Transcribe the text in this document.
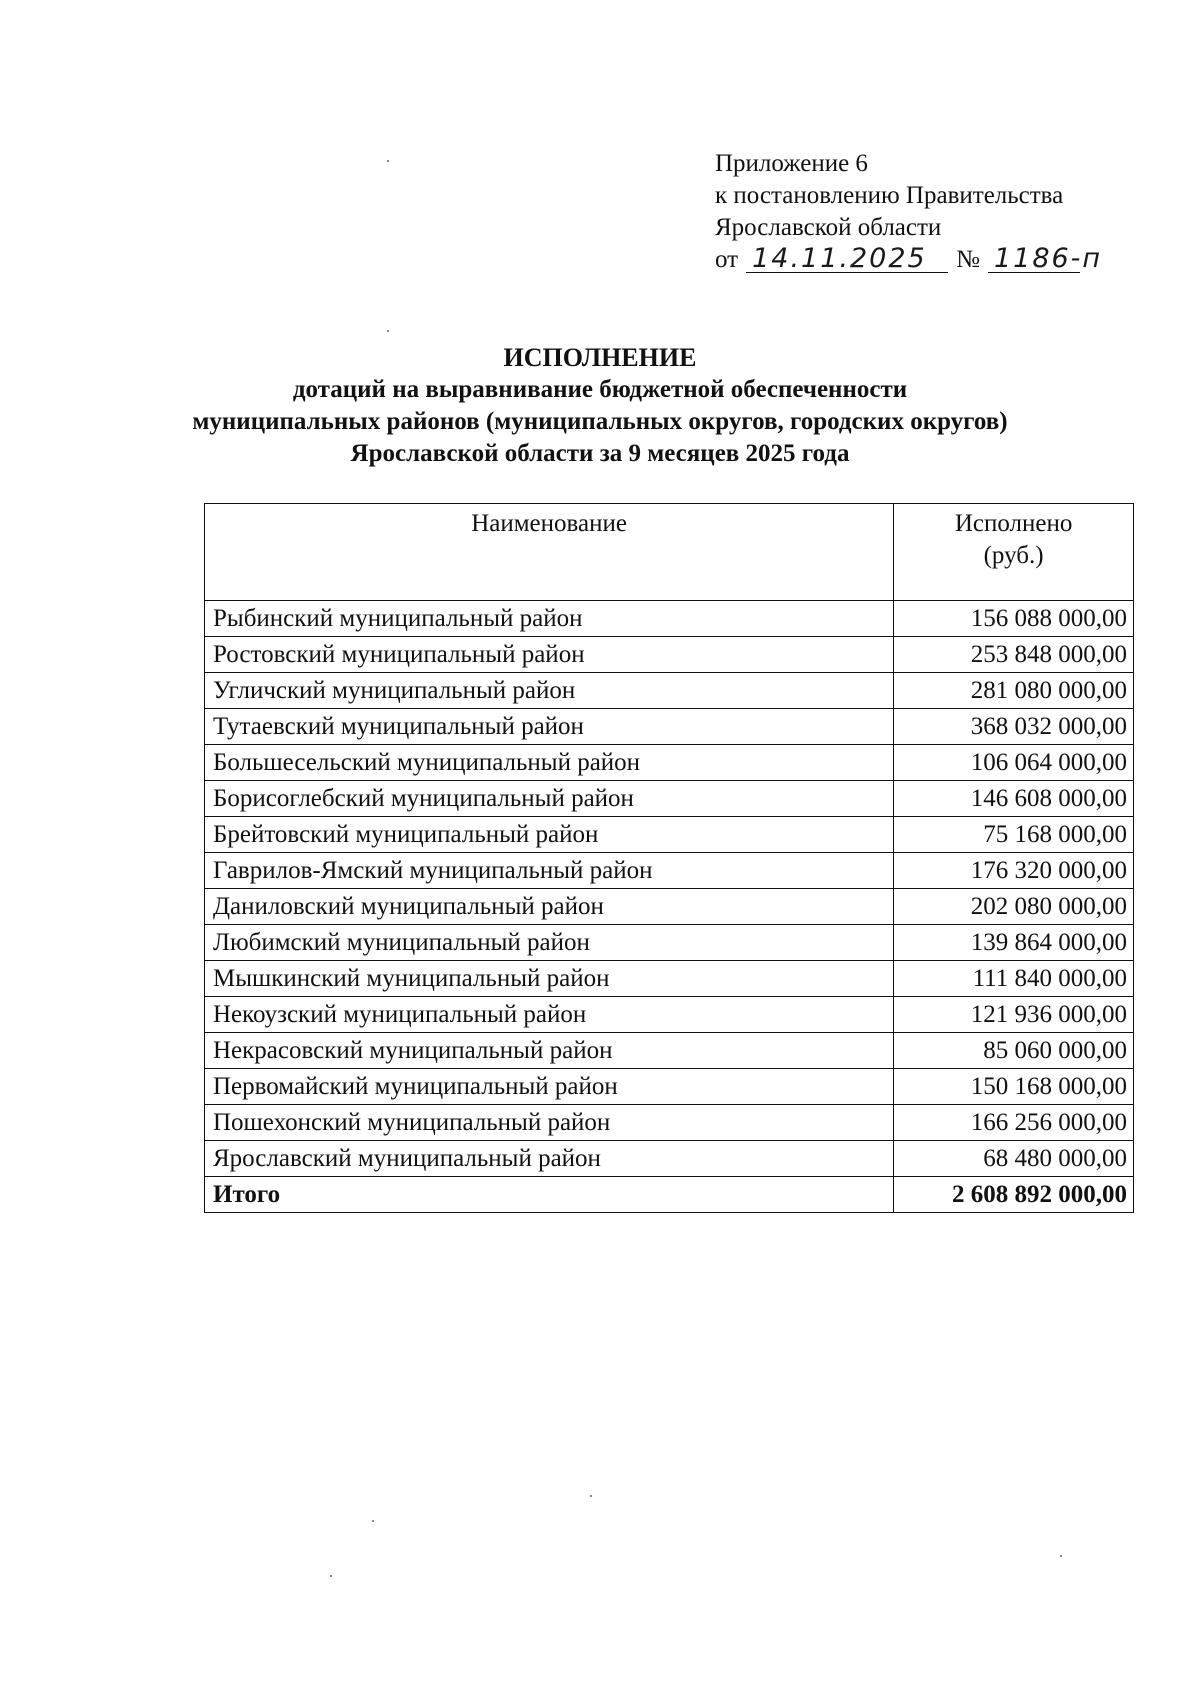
Приложение 6
к постановлению Правительства
Ярославской области
от 14.11.2025 № 1186-п
ИСПОЛНЕНИЕ
дотаций на выравнивание бюджетной обеспеченности
муниципальных районов (муниципальных округов, городских округов)
Ярославской области за 9 месяцев 2025 года
Наименование	Исполнено
(руб.)
Рыбинский муниципальный район	156 088 000,00
Ростовский муниципальный район	253 848 000,00
Угличский муниципальный район	281 080 000,00
Тутаевский муниципальный район	368 032 000,00
Большесельский муниципальный район	106 064 000,00
Борисоглебский муниципальный район	146 608 000,00
Брейтовский муниципальный район	75 168 000,00
Гаврилов-Ямский муниципальный район	176 320 000,00
Даниловский муниципальный район	202 080 000,00
Любимский муниципальный район	139 864 000,00
Мышкинский муниципальный район	111 840 000,00
Некоузский муниципальный район	121 936 000,00
Некрасовский муниципальный район	85 060 000,00
Первомайский муниципальный район	150 168 000,00
Пошехонский муниципальный район	166 256 000,00
Ярославский муниципальный район	68 480 000,00
Итого	2 608 892 000,00
